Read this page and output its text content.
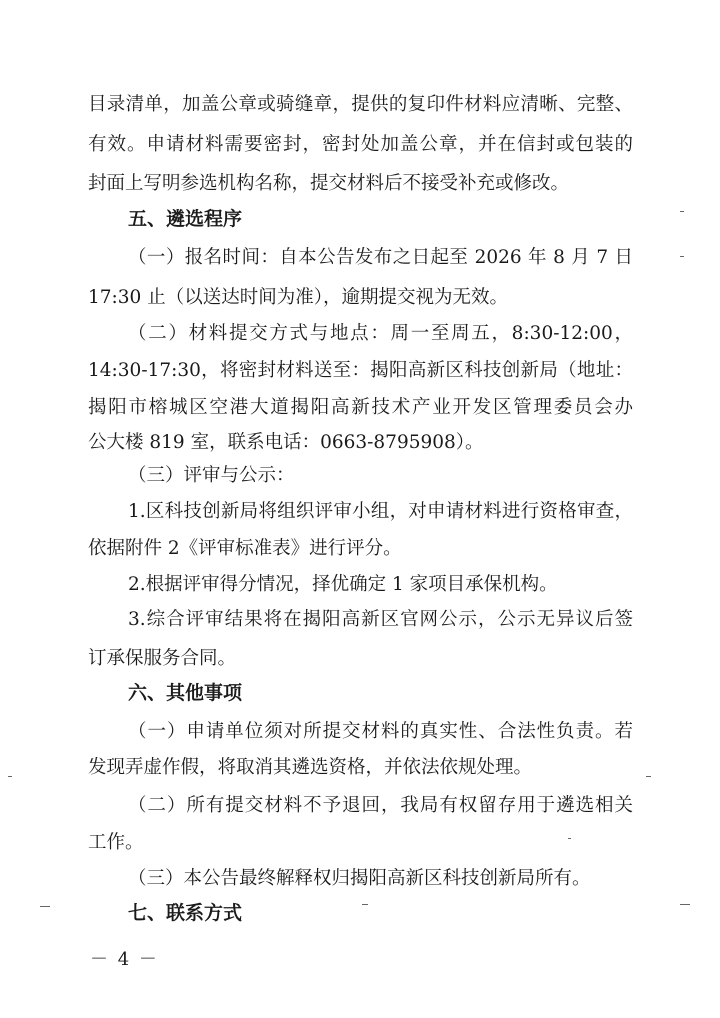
目录清单，加盖公章或骑缝章，提供的复印件材料应清晰、完整、
有效。申请材料需要密封，密封处加盖公章，并在信封或包装的
封面上写明参选机构名称，提交材料后不接受补充或修改。
五、遴选程序
（一）报名时间：自本公告发布之日起至 2026 年 8 月 7 日
17:30 止（以送达时间为准），逾期提交视为无效。
（二）材料提交方式与地点：周一至周五，8:30-12:00，
14:30-17:30，将密封材料送至：揭阳高新区科技创新局（地址：
揭阳市榕城区空港大道揭阳高新技术产业开发区管理委员会办
公大楼 819 室，联系电话：0663-8795908）。
（三）评审与公示：
1.区科技创新局将组织评审小组，对申请材料进行资格审查，
依据附件 2《评审标准表》进行评分。
2.根据评审得分情况，择优确定 1 家项目承保机构。
3.综合评审结果将在揭阳高新区官网公示，公示无异议后签
订承保服务合同。
六、其他事项
（一）申请单位须对所提交材料的真实性、合法性负责。若
发现弄虚作假，将取消其遴选资格，并依法依规处理。
（二）所有提交材料不予退回，我局有权留存用于遴选相关
工作。
（三）本公告最终解释权归揭阳高新区科技创新局所有。
七、联系方式
－ 4 －
